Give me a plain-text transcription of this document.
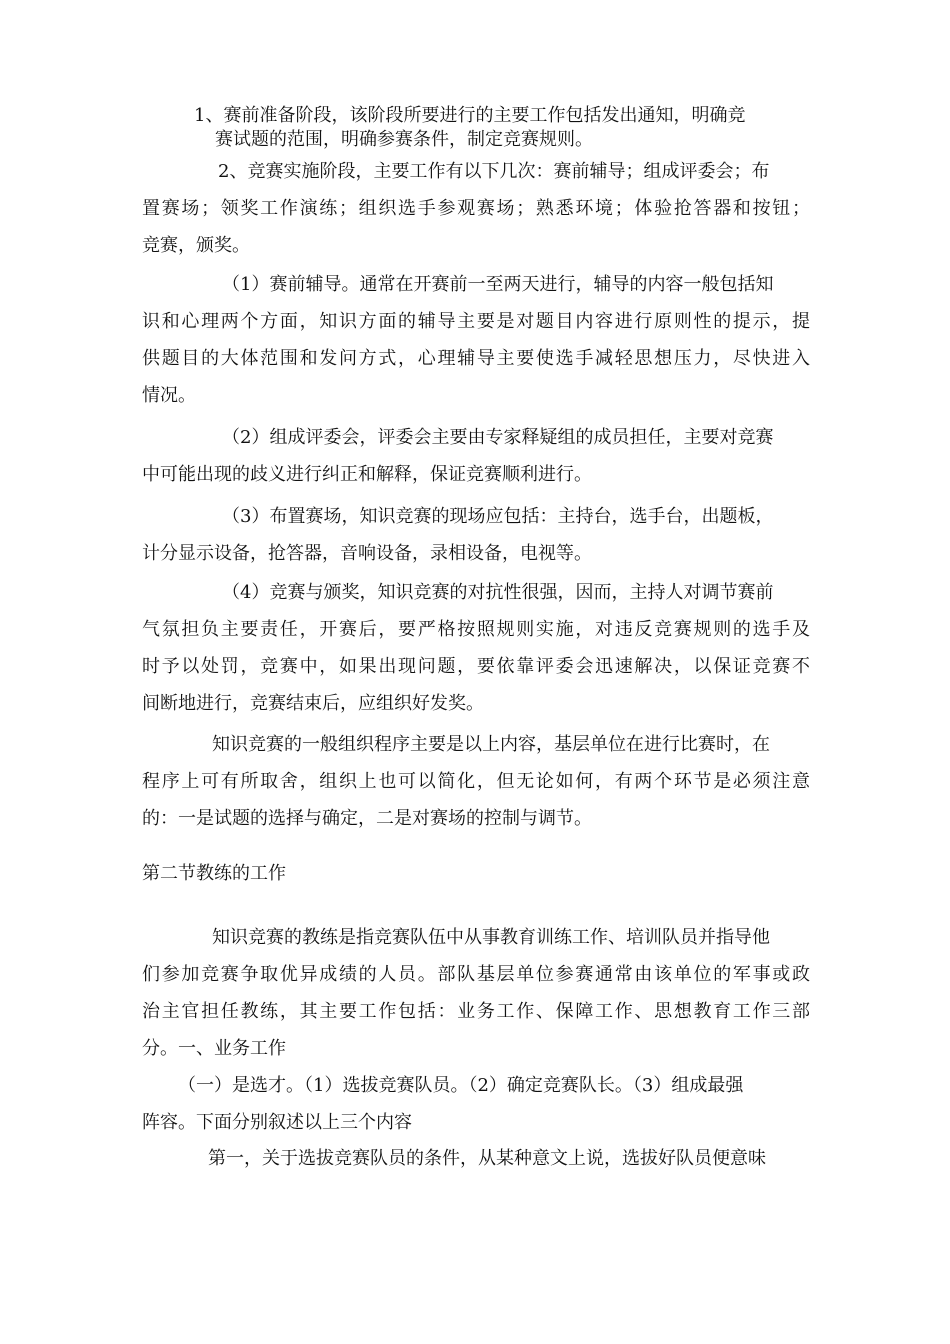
1、赛前准备阶段，该阶段所要进行的主要工作包括发出通知，明确竞
赛试题的范围，明确参赛条件，制定竞赛规则。
2、竞赛实施阶段，主要工作有以下几次：赛前辅导；组成评委会；布
置赛场；领奖工作演练；组织选手参观赛场；熟悉环境；体验抢答器和按钮；
竞赛，颁奖。
（1）赛前辅导。通常在开赛前一至两天进行，辅导的内容一般包括知
识和心理两个方面，知识方面的辅导主要是对题目内容进行原则性的提示，提
供题目的大体范围和发问方式，心理辅导主要使选手减轻思想压力，尽快进入
情况。
（2）组成评委会，评委会主要由专家释疑组的成员担任，主要对竞赛
中可能出现的歧义进行纠正和解释，保证竞赛顺利进行。
（3）布置赛场，知识竞赛的现场应包括：主持台，选手台，出题板，
计分显示设备，抢答器，音响设备，录相设备，电视等。
（4）竞赛与颁奖，知识竞赛的对抗性很强，因而，主持人对调节赛前
气氛担负主要责任，开赛后，要严格按照规则实施，对违反竞赛规则的选手及
时予以处罚，竞赛中，如果出现问题，要依靠评委会迅速解决，以保证竞赛不
间断地进行，竞赛结束后，应组织好发奖。
知识竞赛的一般组织程序主要是以上内容，基层单位在进行比赛时，在
程序上可有所取舍，组织上也可以简化，但无论如何，有两个环节是必须注意
的：一是试题的选择与确定，二是对赛场的控制与调节。
第二节教练的工作
知识竞赛的教练是指竞赛队伍中从事教育训练工作、培训队员并指导他
们参加竞赛争取优异成绩的人员。部队基层单位参赛通常由该单位的军事或政
治主官担任教练，其主要工作包括：业务工作、保障工作、思想教育工作三部
分。一、业务工作
（一）是选才。（1）选拔竞赛队员。（2）确定竞赛队长。（3）组成最强
阵容。下面分别叙述以上三个内容
第一，关于选拔竞赛队员的条件，从某种意文上说，选拔好队员便意味
